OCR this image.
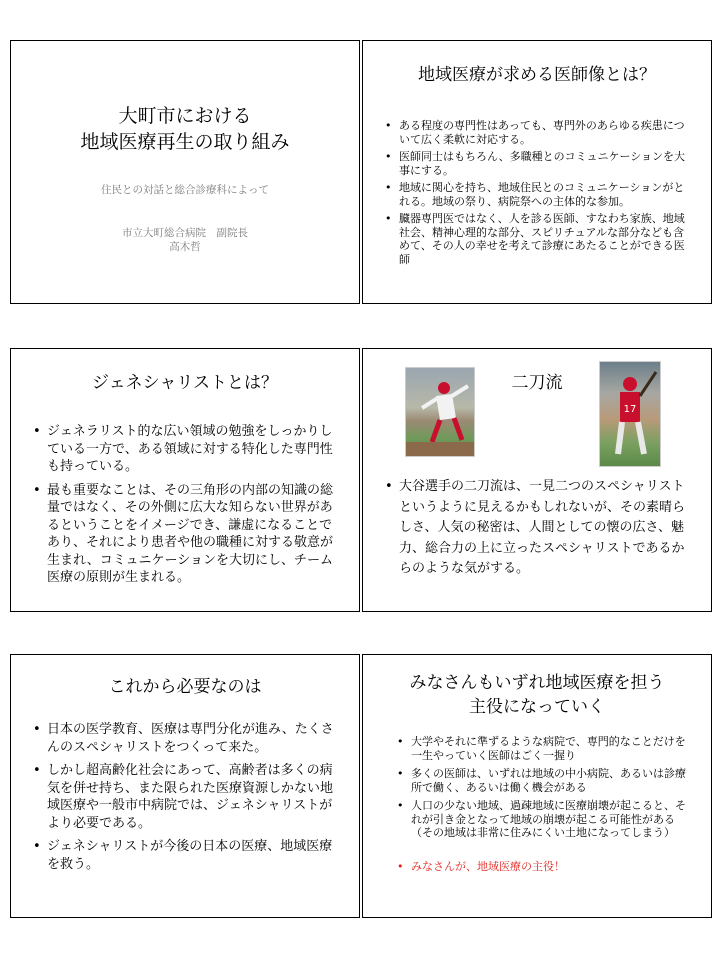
大町市における
地域医療再生の取り組み
住民との対話と総合診療科によって
市立大町総合病院　副院長
高木哲
地域医療が求める医師像とは？
• ある程度の専門性はあっても、専門外のあらゆる疾患について広く柔軟に対応する。
• 医師同士はもちろん、多職種とのコミュニケーションを大事にする。
• 地域に関心を持ち、地域住民とのコミュニケーションがとれる。地域の祭り、病院祭への主体的な参加。
• 臓器専門医ではなく、人を診る医師、すなわち家族、地域社会、精神心理的な部分、スピリチュアルな部分なども含めて、その人の幸せを考えて診療にあたることができる医師
ジェネシャリストとは？
• ジェネラリスト的な広い領域の勉強をしっかりしている一方で、ある領域に対する特化した専門性も持っている。
• 最も重要なことは、その三角形の内部の知識の総量ではなく、その外側に広大な知らない世界があるということをイメージでき、謙虚になることであり、それにより患者や他の職種に対する敬意が生まれ、コミュニケーションを大切にし、チーム医療の原則が生まれる。
二刀流
17
• 大谷選手の二刀流は、一見二つのスペシャリストというように見えるかもしれないが、その素晴らしさ、人気の秘密は、人間としての懐の広さ、魅力、総合力の上に立ったスペシャリストであるからのような気がする。
これから必要なのは
• 日本の医学教育、医療は専門分化が進み、たくさんのスペシャリストをつくって来た。
• しかし超高齢化社会にあって、高齢者は多くの病気を併せ持ち、また限られた医療資源しかない地域医療や一般市中病院では、ジェネシャリストがより必要である。
• ジェネシャリストが今後の日本の医療、地域医療を救う。
みなさんもいずれ地域医療を担う
主役になっていく
• 大学やそれに準ずるような病院で、専門的なことだけを一生やっていく医師はごく一握り
• 多くの医師は、いずれは地域の中小病院、あるいは診療所で働く、あるいは働く機会がある
• 人口の少ない地域、過疎地域に医療崩壊が起こると、それが引き金となって地域の崩壊が起こる可能性がある（その地域は非常に住みにくい土地になってしまう）
• みなさんが、地域医療の主役！
